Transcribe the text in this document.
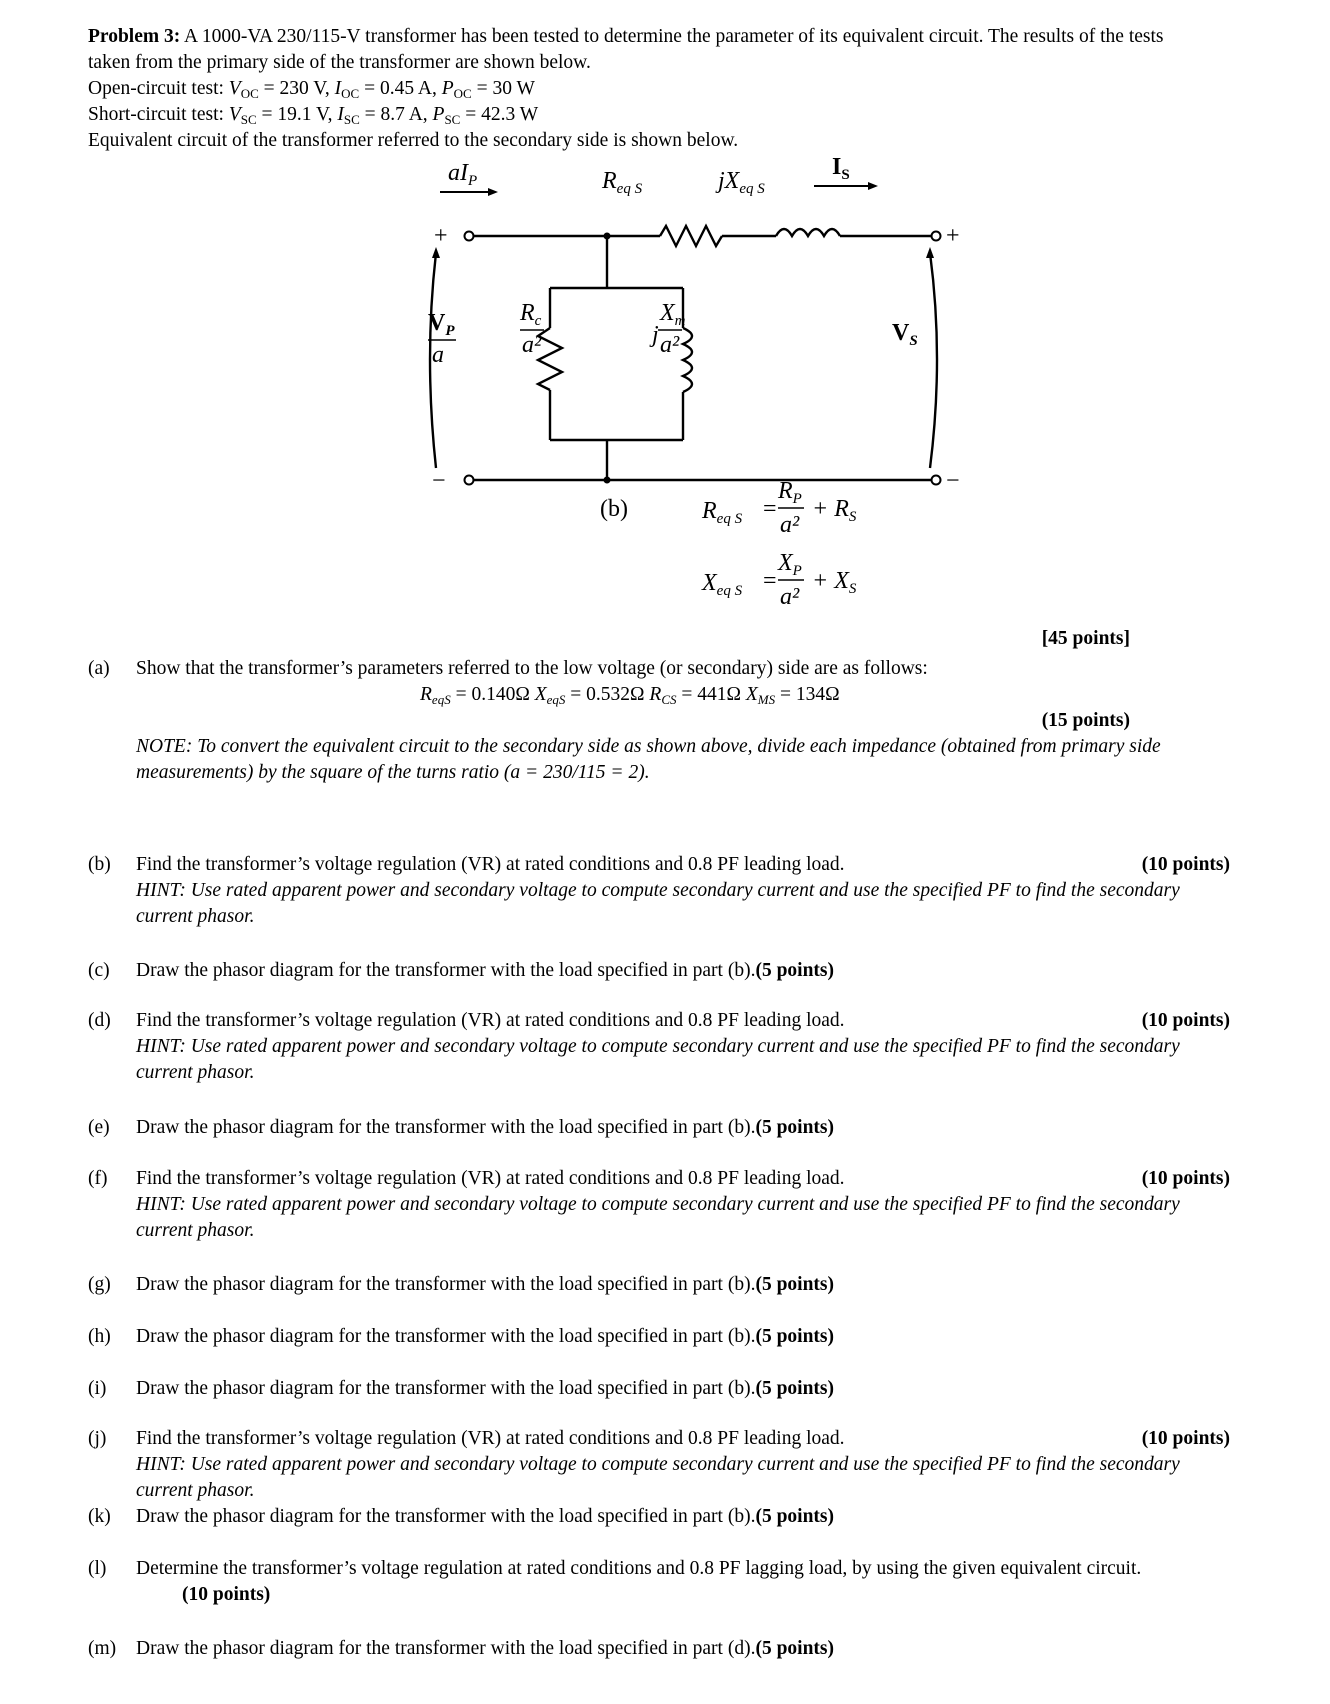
Problem 3: A 1000-VA 230/115-V transformer has been tested to determine the parameter of its equivalent circuit. The results of the tests
taken from the primary side of the transformer are shown below.
Open-circuit test: $V_{OC} = 230$ V, $I_{OC} = 0.45$ A, $P_{OC} = 30$ W
Short-circuit test: $V_{SC} = 19.1$ V, $I_{SC} = 8.7$ A, $P_{SC} = 42.3$ W
Equivalent circuit of the transformer referred to the secondary side is shown below.
+
−
+
−
$aI_P$	$R_{eq S}$	$jX_{eq S}$
$I_S$
$V_P$
a
$R_c$
a²	j
$X_m$
a²	$V_S$
(b)	$R_{eq S}$ =
$R_P$
a²
+ $R_S$
$X_{eq S}$ =
$X_P$
a²
+ $X_S$
[45 points]
(a)	Show that the transformer’s parameters referred to the low voltage (or secondary) side are as follows:
$R_{eqS} = 0.140\Omega$ $X_{eqS} = 0.532\Omega$ $R_{CS} = 441\Omega$ $X_{MS} = 134\Omega$
(15 points)
NOTE: To convert the equivalent circuit to the secondary side as shown above, divide each impedance (obtained from primary side
measurements) by the square of the turns ratio (a = 230/115 = 2).
(b)	Find the transformer’s voltage regulation (VR) at rated conditions and 0.8 PF leading load.	(10 points)
HINT: Use rated apparent power and secondary voltage to compute secondary current and use the specified PF to find the secondary
current phasor.
(c)	Draw the phasor diagram for the transformer with the load specified in part (b).(5 points)
(d)	Find the transformer’s voltage regulation (VR) at rated conditions and 0.8 PF leading load.	(10 points)
HINT: Use rated apparent power and secondary voltage to compute secondary current and use the specified PF to find the secondary
current phasor.
(e)	Draw the phasor diagram for the transformer with the load specified in part (b).(5 points)
(f)	Find the transformer’s voltage regulation (VR) at rated conditions and 0.8 PF leading load.	(10 points)
HINT: Use rated apparent power and secondary voltage to compute secondary current and use the specified PF to find the secondary
current phasor.
(g)	Draw the phasor diagram for the transformer with the load specified in part (b).(5 points)
(h)	Draw the phasor diagram for the transformer with the load specified in part (b).(5 points)
(i)	Draw the phasor diagram for the transformer with the load specified in part (b).(5 points)
(j)	Find the transformer’s voltage regulation (VR) at rated conditions and 0.8 PF leading load.	(10 points)
HINT: Use rated apparent power and secondary voltage to compute secondary current and use the specified PF to find the secondary
current phasor.
(k)	Draw the phasor diagram for the transformer with the load specified in part (b).(5 points)
(l)	Determine the transformer’s voltage regulation at rated conditions and 0.8 PF lagging load, by using the given equivalent circuit.
(10 points)
(m)	Draw the phasor diagram for the transformer with the load specified in part (d).(5 points)
